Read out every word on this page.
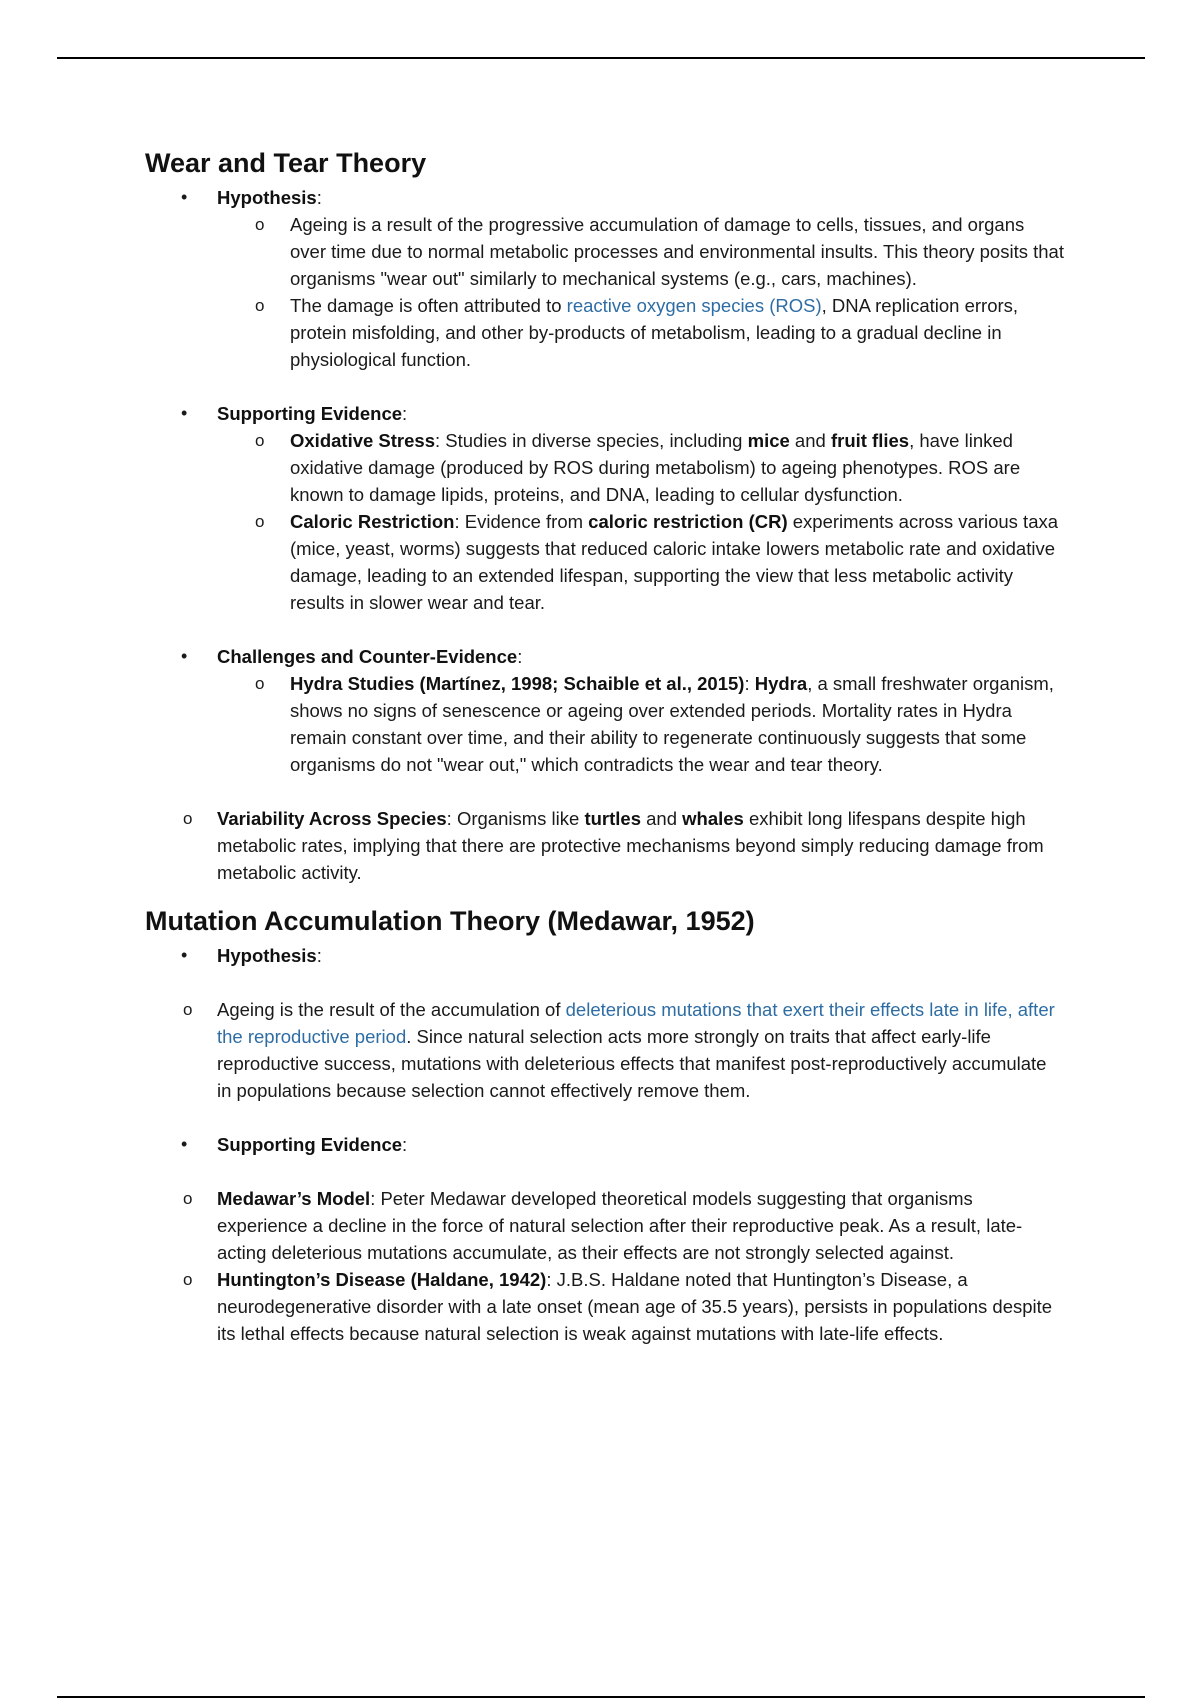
Wear and Tear Theory
• Hypothesis:
o Ageing is a result of the progressive accumulation of damage to cells, tissues, and organs over time due to normal metabolic processes and environmental insults. This theory posits that organisms "wear out" similarly to mechanical systems (e.g., cars, machines).
o The damage is often attributed to reactive oxygen species (ROS), DNA replication errors, protein misfolding, and other by-products of metabolism, leading to a gradual decline in physiological function.
• Supporting Evidence:
o Oxidative Stress: Studies in diverse species, including mice and fruit flies, have linked oxidative damage (produced by ROS during metabolism) to ageing phenotypes. ROS are known to damage lipids, proteins, and DNA, leading to cellular dysfunction.
o Caloric Restriction: Evidence from caloric restriction (CR) experiments across various taxa (mice, yeast, worms) suggests that reduced caloric intake lowers metabolic rate and oxidative damage, leading to an extended lifespan, supporting the view that less metabolic activity results in slower wear and tear.
• Challenges and Counter-Evidence:
o Hydra Studies (Martínez, 1998; Schaible et al., 2015): Hydra, a small freshwater organism, shows no signs of senescence or ageing over extended periods. Mortality rates in Hydra remain constant over time, and their ability to regenerate continuously suggests that some organisms do not "wear out," which contradicts the wear and tear theory.
o Variability Across Species: Organisms like turtles and whales exhibit long lifespans despite high metabolic rates, implying that there are protective mechanisms beyond simply reducing damage from metabolic activity.
Mutation Accumulation Theory (Medawar, 1952)
• Hypothesis:
o Ageing is the result of the accumulation of deleterious mutations that exert their effects late in life, after the reproductive period. Since natural selection acts more strongly on traits that affect early-life reproductive success, mutations with deleterious effects that manifest post-reproductively accumulate in populations because selection cannot effectively remove them.
• Supporting Evidence:
o Medawar’s Model: Peter Medawar developed theoretical models suggesting that organisms experience a decline in the force of natural selection after their reproductive peak. As a result, late-acting deleterious mutations accumulate, as their effects are not strongly selected against.
o Huntington’s Disease (Haldane, 1942): J.B.S. Haldane noted that Huntington’s Disease, a neurodegenerative disorder with a late onset (mean age of 35.5 years), persists in populations despite its lethal effects because natural selection is weak against mutations with late-life effects.
